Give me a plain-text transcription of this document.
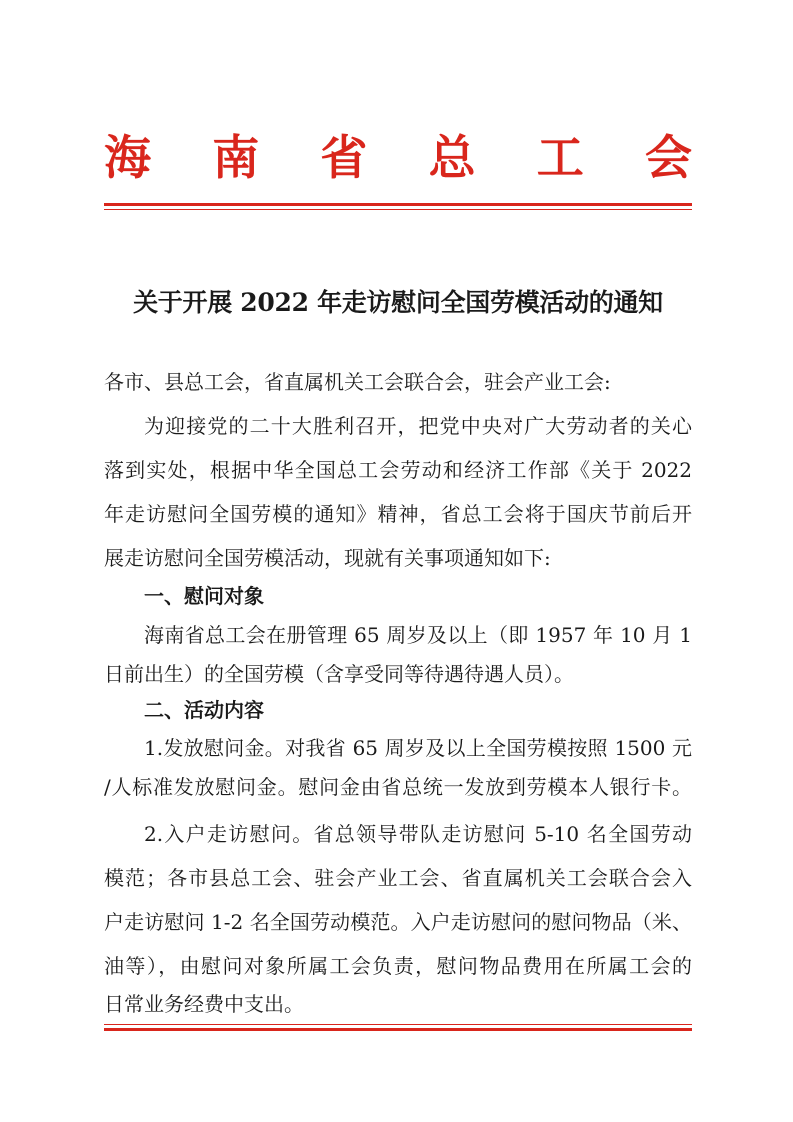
海 南 省 总 工 会
关于开展 2022 年走访慰问全国劳模活动的通知
各市、县总工会，省直属机关工会联合会，驻会产业工会:
为迎接党的二十大胜利召开，把党中央对广大劳动者的关心
落到实处，根据中华全国总工会劳动和经济工作部《关于 2022
年走访慰问全国劳模的通知》精神，省总工会将于国庆节前后开
展走访慰问全国劳模活动，现就有关事项通知如下:
一、慰问对象
海南省总工会在册管理 65 周岁及以上（即 1957 年 10 月 1
日前出生）的全国劳模（含享受同等待遇待遇人员）。
二、活动内容
1.发放慰问金。对我省 65 周岁及以上全国劳模按照 1500 元
/人标准发放慰问金。慰问金由省总统一发放到劳模本人银行卡。
2.入户走访慰问。省总领导带队走访慰问 5-10 名全国劳动
模范；各市县总工会、驻会产业工会、省直属机关工会联合会入
户走访慰问 1-2 名全国劳动模范。入户走访慰问的慰问物品（米、
油等），由慰问对象所属工会负责，慰问物品费用在所属工会的
日常业务经费中支出。
